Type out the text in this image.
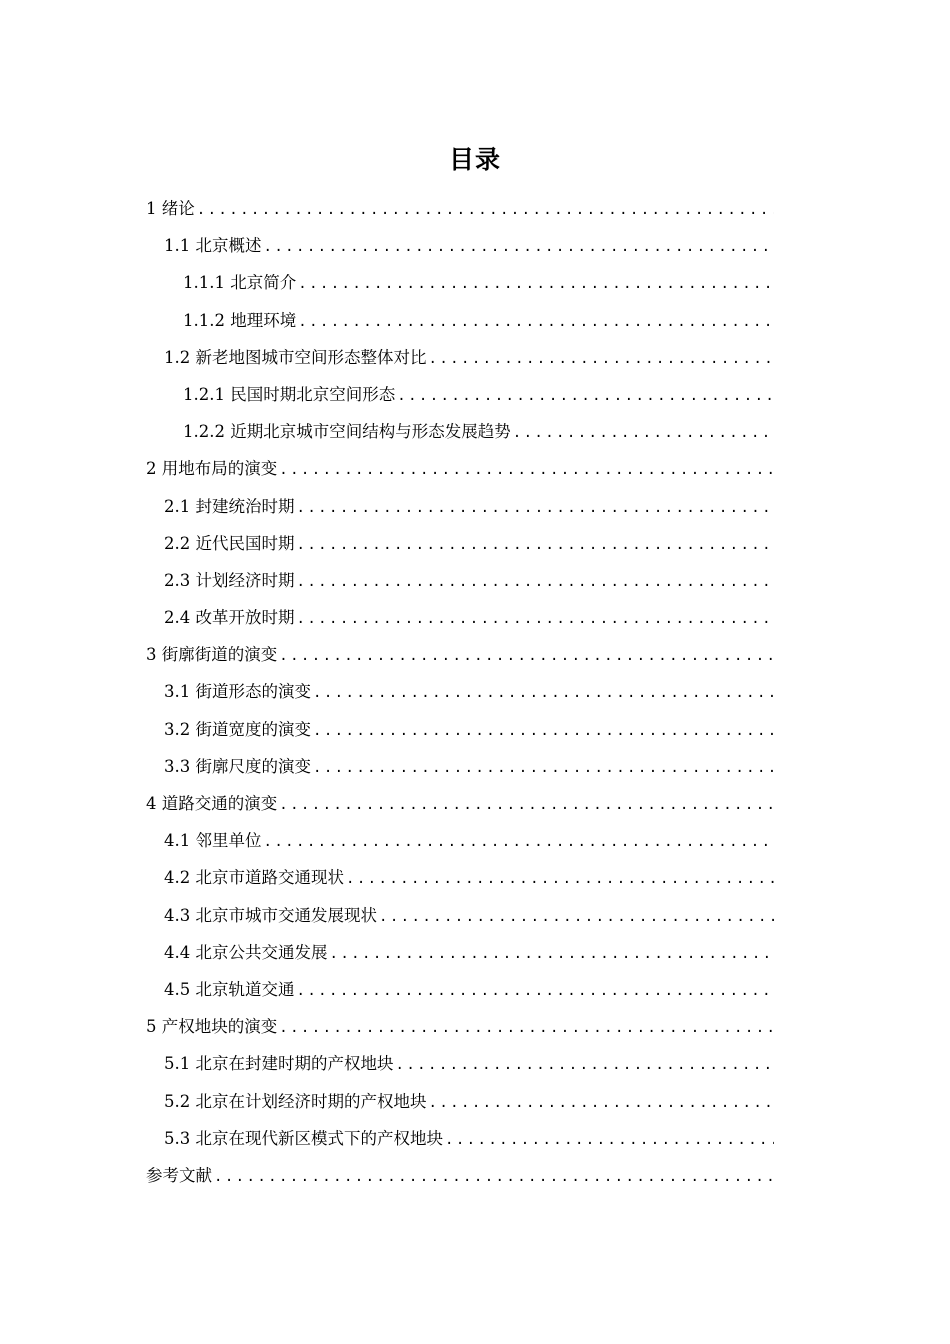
目录
1 绪论
.....
1.1 北京概述
.....
1.1.1 北京简介
.....
1.1.2 地理环境
.....
1.2 新老地图城市空间形态整体对比
.....
1.2.1 民国时期北京空间形态
.....
1.2.2 近期北京城市空间结构与形态发展趋势
.....
2 用地布局的演变
.....
2.1 封建统治时期
.....
2.2 近代民国时期
.....
2.3 计划经济时期
.....
2.4 改革开放时期
.....
3 街廓街道的演变
.....
3.1 街道形态的演变
.....
3.2 街道宽度的演变
.....
3.3 街廓尺度的演变
.....
4 道路交通的演变
.....
4.1 邻里单位
.....
4.2 北京市道路交通现状
.....
4.3 北京市城市交通发展现状
.....
4.4 北京公共交通发展
.....
4.5 北京轨道交通
.....
5 产权地块的演变
.....
5.1 北京在封建时期的产权地块
.....
5.2 北京在计划经济时期的产权地块
.....
5.3 北京在现代新区模式下的产权地块
.....
参考文献
.....
